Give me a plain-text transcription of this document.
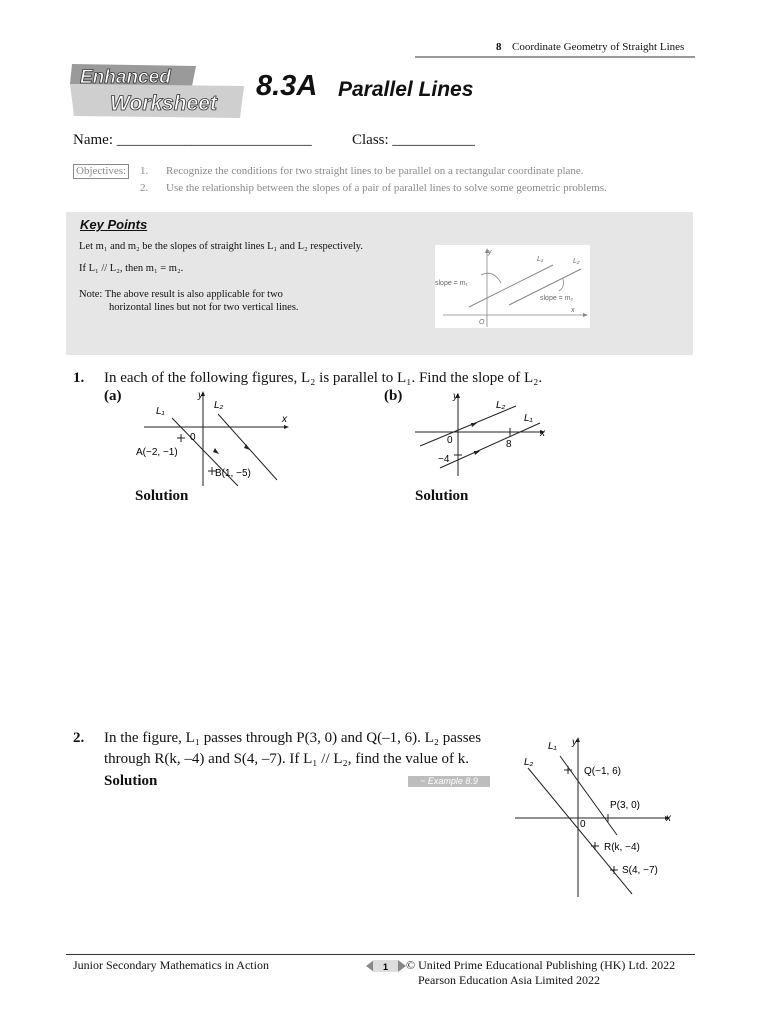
8 Coordinate Geometry of Straight Lines
Enhanced
Worksheet
8.3A Parallel Lines
Name: __________________________	Class: ___________
Objectives: 1. Recognize the conditions for two straight lines to be parallel on a rectangular coordinate plane.
2. Use the relationship between the slopes of a pair of parallel lines to solve some geometric problems.
Key Points
Let m₁ and m₂ be the slopes of straight lines L₁ and L₂ respectively.
If L₁ // L₂, then m₁ = m₂.
Note: The above result is also applicable for two
horizontal lines but not for two vertical lines.
y
x
O
L₁	L₂
slope = m₁
slope = m₂
1. In each of the following figures, L₂ is parallel to L₁. Find the slope of L₂.
(a)	(b)
y
x
0
L₁
L₂
A(−2, −1)
B(1, −5)
y
x
0
L₁
L₂
8
−4
Solution	Solution
2. In the figure, L₁ passes through P(3, 0) and Q(–1, 6). L₂ passes
through R(k, –4) and S(4, –7). If L₁ // L₂, find the value of k.
Solution	~ Example 8.9
y
x
0
L₁
L₂
Q(−1, 6)
P(3, 0)
R(k, −4)
S(4, −7)
Junior Secondary Mathematics in Action	1 © United Prime Educational Publishing (HK) Ltd. 2022
Pearson Education Asia Limited 2022
